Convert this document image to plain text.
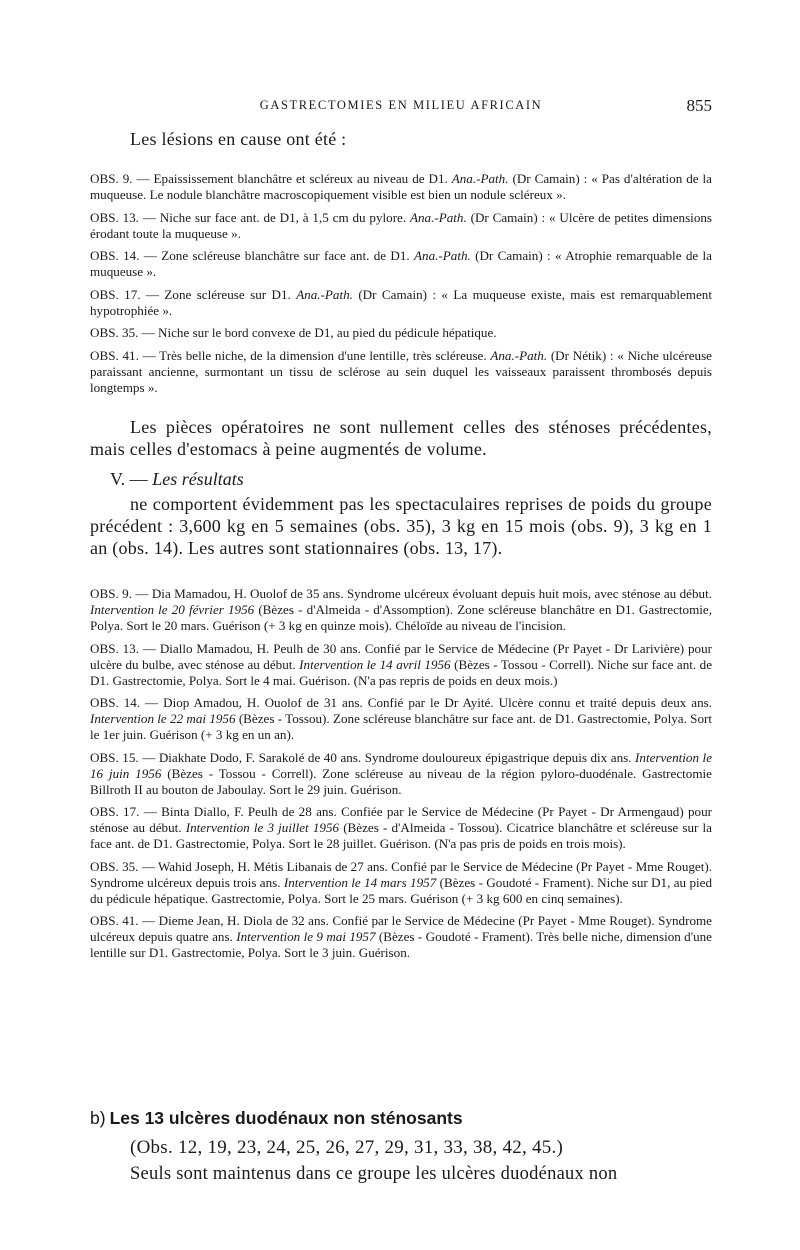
GASTRECTOMIES EN MILIEU AFRICAIN	855
Les lésions en cause ont été :

OBS. 9. — Epaississement blanchâtre et scléreux au niveau de D1. Ana.-Path. (Dr Camain) : « Pas d'altération de la muqueuse. Le nodule blanchâtre macroscopiquement visible est bien un nodule scléreux ».

OBS. 13. — Niche sur face ant. de D1, à 1,5 cm du pylore. Ana.-Path. (Dr Camain) : « Ulcère de petites dimensions érodant toute la muqueuse ».

OBS. 14. — Zone scléreuse blanchâtre sur face ant. de D1. Ana.-Path. (Dr Camain) : « Atrophie remarquable de la muqueuse ».

OBS. 17. — Zone scléreuse sur D1. Ana.-Path. (Dr Camain) : « La muqueuse existe, mais est remarquablement hypotrophiée ».

OBS. 35. — Niche sur le bord convexe de D1, au pied du pédicule hépatique.

OBS. 41. — Très belle niche, de la dimension d'une lentille, très scléreuse. Ana.-Path. (Dr Nétik) : « Niche ulcéreuse paraissant ancienne, surmontant un tissu de sclérose au sein duquel les vaisseaux paraissent thrombosés depuis longtemps ».

Les pièces opératoires ne sont nullement celles des sténoses précédentes, mais celles d'estomacs à peine augmentés de volume.
V. — Les résultats
ne comportent évidemment pas les spectaculaires reprises de poids du groupe précédent : 3,600 kg en 5 semaines (obs. 35), 3 kg en 15 mois (obs. 9), 3 kg en 1 an (obs. 14). Les autres sont stationnaires (obs. 13, 17).

OBS. 9. — Dia Mamadou, H. Ouolof de 35 ans. Syndrome ulcéreux évoluant depuis huit mois, avec sténose au début. Intervention le 20 février 1956 (Bèzes - d'Almeida - d'Assomption). Zone scléreuse blanchâtre en D1. Gastrectomie, Polya. Sort le 20 mars. Guérison (+ 3 kg en quinze mois). Chéloïde au niveau de l'incision.

OBS. 13. — Diallo Mamadou, H. Peulh de 30 ans. Confié par le Service de Médecine (Pr Payet - Dr Larivière) pour ulcère du bulbe, avec sténose au début. Intervention le 14 avril 1956 (Bèzes - Tossou - Correll). Niche sur face ant. de D1. Gastrectomie, Polya. Sort le 4 mai. Guérison. (N'a pas repris de poids en deux mois.)

OBS. 14. — Diop Amadou, H. Ouolof de 31 ans. Confié par le Dr Ayité. Ulcère connu et traité depuis deux ans. Intervention le 22 mai 1956 (Bèzes - Tossou). Zone scléreuse blanchâtre sur face ant. de D1. Gastrectomie, Polya. Sort le 1er juin. Guérison (+ 3 kg en un an).

OBS. 15. — Diakhate Dodo, F. Sarakolé de 40 ans. Syndrome douloureux épigastrique depuis dix ans. Intervention le 16 juin 1956 (Bèzes - Tossou - Correll). Zone scléreuse au niveau de la région pyloro-duodénale. Gastrectomie Billroth II au bouton de Jaboulay. Sort le 29 juin. Guérison.

OBS. 17. — Binta Diallo, F. Peulh de 28 ans. Confiée par le Service de Médecine (Pr Payet - Dr Armengaud) pour sténose au début. Intervention le 3 juillet 1956 (Bèzes - d'Almeida - Tossou). Cicatrice blanchâtre et scléreuse sur la face ant. de D1. Gastrectomie, Polya. Sort le 28 juillet. Guérison. (N'a pas pris de poids en trois mois).

OBS. 35. — Wahid Joseph, H. Métis Libanais de 27 ans. Confié par le Service de Médecine (Pr Payet - Mme Rouget). Syndrome ulcéreux depuis trois ans. Intervention le 14 mars 1957 (Bèzes - Goudoté - Frament). Niche sur D1, au pied du pédicule hépatique. Gastrectomie, Polya. Sort le 25 mars. Guérison (+ 3 kg 600 en cinq semaines).

OBS. 41. — Dieme Jean, H. Diola de 32 ans. Confié par le Service de Médecine (Pr Payet - Mme Rouget). Syndrome ulcéreux depuis quatre ans. Intervention le 9 mai 1957 (Bèzes - Goudoté - Frament). Très belle niche, dimension d'une lentille sur D1. Gastrectomie, Polya. Sort le 3 juin. Guérison.

b) Les 13 ulcères duodénaux non sténosants
(Obs. 12, 19, 23, 24, 25, 26, 27, 29, 31, 33, 38, 42, 45.)
Seuls sont maintenus dans ce groupe les ulcères duodénaux non
